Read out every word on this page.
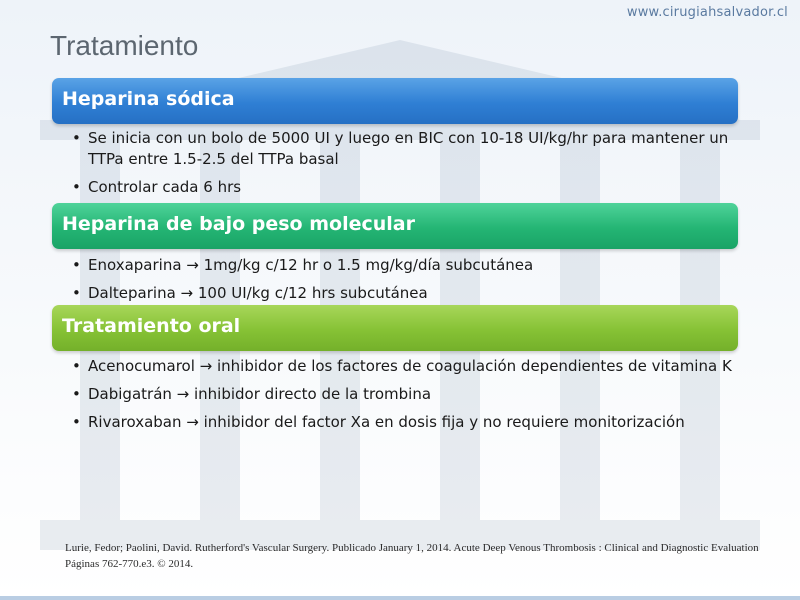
www.cirugiahsalvador.cl
Tratamiento
Heparina sódica
• Se inicia con un bolo de 5000 UI y luego en BIC con 10-18 UI/kg/hr para mantener un TTPa entre 1.5-2.5 del TTPa basal
• Controlar cada 6 hrs
Heparina de bajo peso molecular
• Enoxaparina → 1mg/kg c/12 hr o 1.5 mg/kg/día subcutánea
• Dalteparina → 100 UI/kg c/12 hrs subcutánea
Tratamiento oral
• Acenocumarol → inhibidor de los factores de coagulación dependientes de vitamina K
• Dabigatrán → inhibidor directo de la trombina
• Rivaroxaban → inhibidor del factor Xa en dosis fija y no requiere monitorización
Lurie, Fedor; Paolini, David. Rutherford's Vascular Surgery. Publicado January 1, 2014. Acute Deep Venous Thrombosis : Clinical and Diagnostic Evaluation Páginas 762-770.e3. © 2014.
